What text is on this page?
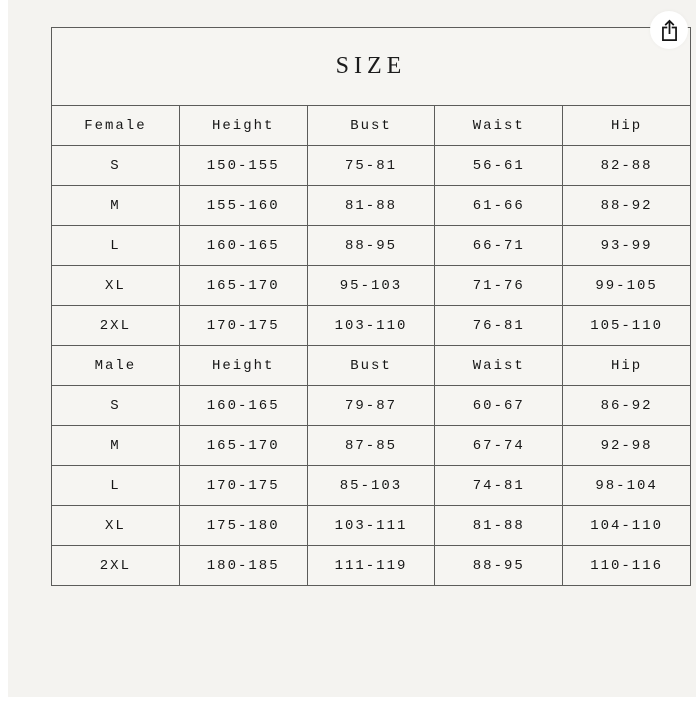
SIZE				
Female	Height	Bust	Waist	Hip
S	150-155	75-81	56-61	82-88
M	155-160	81-88	61-66	88-92
L	160-165	88-95	66-71	93-99
XL	165-170	95-103	71-76	99-105
2XL	170-175	103-110	76-81	105-110
Male	Height	Bust	Waist	Hip
S	160-165	79-87	60-67	86-92
M	165-170	87-85	67-74	92-98
L	170-175	85-103	74-81	98-104
XL	175-180	103-111	81-88	104-110
2XL	180-185	111-119	88-95	110-116
